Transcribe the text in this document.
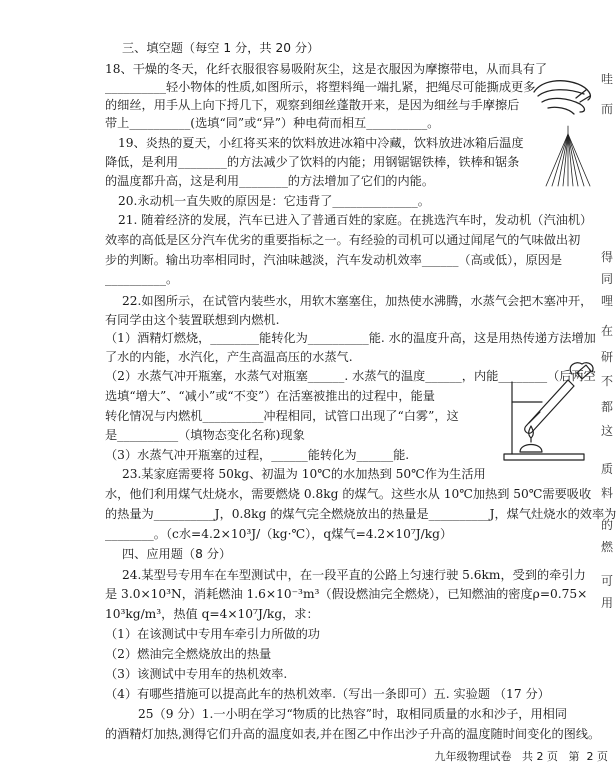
三、填空题（每空 1 分，共 20 分）
18、干燥的冬天，化纤衣服很容易吸附灰尘，这是衣服因为摩擦带电，从而具有了
__________轻小物体的性质,如图所示，将塑料绳一端扎紧，把绳尽可能撕成更多
的细丝，用手从上向下捋几下，观察到细丝蓬散开来，是因为细丝与手摩擦后
带上__________(选填“同”或“异”）种电荷而相互__________。
19、炎热的夏天，小红将买来的饮料放进冰箱中冷藏，饮料放进冰箱后温度
降低，是利用________的方法减少了饮料的内能；用钢锯锯铁棒，铁棒和锯条
的温度都升高，这是利用________的方法增加了它们的内能。
20.永动机一直失败的原因是：它违背了______________。
21. 随着经济的发展，汽车已进入了普通百姓的家庭。在挑选汽车时，发动机（汽油机）
效率的高低是区分汽车优劣的重要指标之一。有经验的司机可以通过闻尾气的气味做出初
步的判断。输出功率相同时，汽油味越淡，汽车发动机效率______（高或低），原因是
__________。
22.如图所示，在试管内装些水，用软木塞塞住，加热使水沸腾，水蒸气会把木塞冲开，
有同学由这个装置联想到内燃机.
（1）酒精灯燃烧，________能转化为__________能. 水的温度升高，这是用热传递方法增加
了水的内能，水汽化，产生高温高压的水蒸气.
（2）水蒸气冲开瓶塞，水蒸气对瓶塞______. 水蒸气的温度______，内能________（后两空
选填“增大”、“减小”或“不变”）在活塞被推出的过程中，能量
转化情况与内燃机__________冲程相同，试管口出现了“白雾”，这
是__________（填物态变化名称)现象
（3）水蒸气冲开瓶塞的过程，______能转化为______能.
23.某家庭需要将 50kg、初温为 10℃的水加热到 50℃作为生活用
水，他们利用煤气灶烧水，需要燃烧 0.8kg 的煤气。这些水从 10℃加热到 50℃需要吸收
的热量为__________J，0.8kg 的煤气完全燃烧放出的热量是__________J，煤气灶烧水的效率为
________。（c水=4.2×10³J/（kg·℃），q煤气=4.2×10⁷J/kg）
四、应用题（8 分）
24.某型号专用车在车型测试中，在一段平直的公路上匀速行驶 5.6km，受到的牵引力
是 3.0×10³N，消耗燃油 1.6×10⁻³m³（假设燃油完全燃烧），已知燃油的密度ρ=0.75×
10³kg/m³，热值 q=4×10⁷J/kg，求：
（1）在该测试中专用车牵引力所做的功
（2）燃油完全燃烧放出的热量
（3）该测试中专用车的热机效率.
（4）有哪些措施可以提高此车的热机效率.（写出一条即可）五. 实验题 （17 分）
25（9 分）1.一小明在学习“物质的比热容”时，取相同质量的水和沙子，用相同
的酒精灯加热,测得它们升高的温度如表,并在图乙中作出沙子升高的温度随时间变化的图线。
九年级物理试卷   共 2 页   第  2 页
哇
而
得
同
哩
在
研
不
都
这
质
料
的
燃
可
用
